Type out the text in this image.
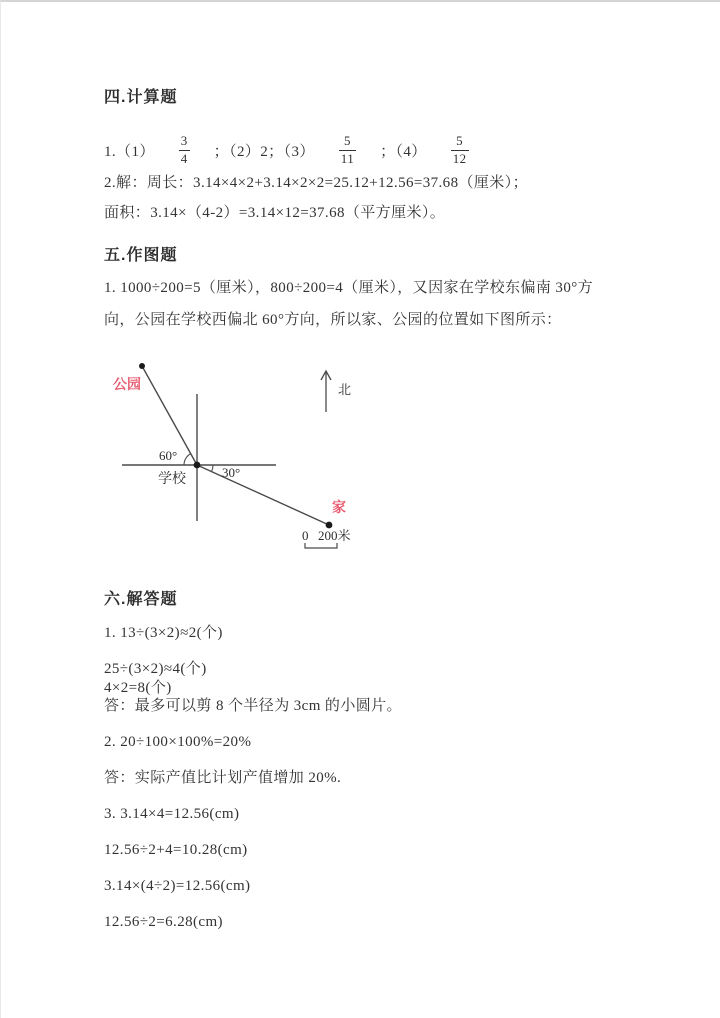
四.计算题
$1.(1) \frac{3}{4}$ ；（2）2；$(3) \frac{5}{11}$ ；$(4) \frac{5}{12}$
2.解：周长：3.14×4×2+3.14×2×2=25.12+12.56=37.68（厘米）；
面积：3.14×（4-2）=3.14×12=37.68（平方厘米）。
五.作图题
1. 1000÷200=5（厘米），800÷200=4（厘米），又因家在学校东偏南 30°方
向，公园在学校西偏北 60°方向，所以家、公园的位置如下图所示：
公园
家
学校
北
60°
30°
0 200米
六.解答题
1. 13÷(3×2)≈2(个)
25÷(3×2)≈4(个)
4×2=8(个)
答：最多可以剪 8 个半径为 3cm 的小圆片。
2. 20÷100×100%=20%
答：实际产值比计划产值增加 20%.
3. 3.14×4=12.56(cm)
12.56÷2+4=10.28(cm)
3.14×(4÷2)=12.56(cm)
12.56÷2=6.28(cm)
